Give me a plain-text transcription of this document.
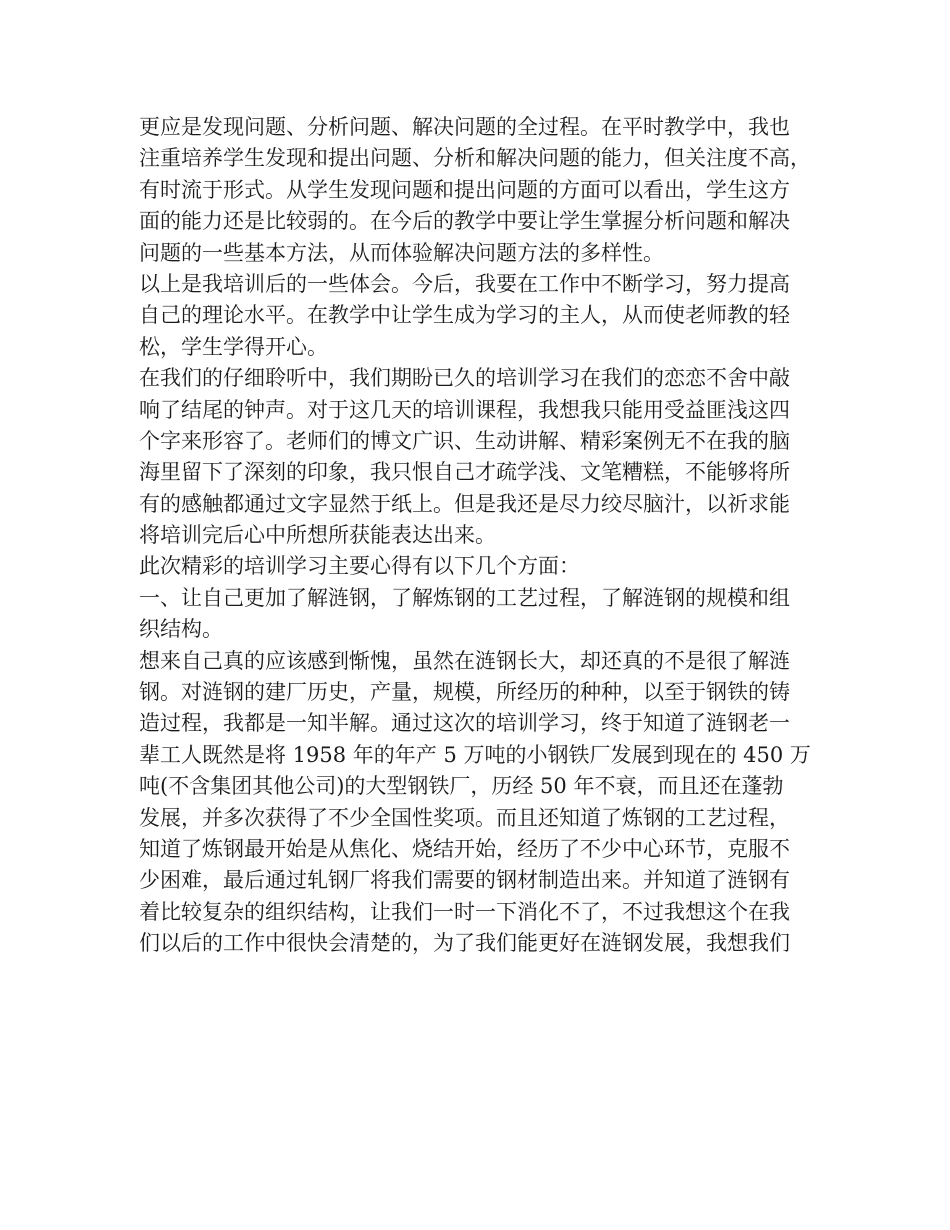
更应是发现问题、分析问题、解决问题的全过程。在平时教学中，我也
注重培养学生发现和提出问题、分析和解决问题的能力，但关注度不高，
有时流于形式。从学生发现问题和提出问题的方面可以看出，学生这方
面的能力还是比较弱的。在今后的教学中要让学生掌握分析问题和解决
问题的一些基本方法，从而体验解决问题方法的多样性。
以上是我培训后的一些体会。今后，我要在工作中不断学习，努力提高
自己的理论水平。在教学中让学生成为学习的主人，从而使老师教的轻
松，学生学得开心。
在我们的仔细聆听中，我们期盼已久的培训学习在我们的恋恋不舍中敲
响了结尾的钟声。对于这几天的培训课程，我想我只能用受益匪浅这四
个字来形容了。老师们的博文广识、生动讲解、精彩案例无不在我的脑
海里留下了深刻的印象，我只恨自己才疏学浅、文笔糟糕，不能够将所
有的感触都通过文字显然于纸上。但是我还是尽力绞尽脑汁，以祈求能
将培训完后心中所想所获能表达出来。
此次精彩的培训学习主要心得有以下几个方面：
一、让自己更加了解涟钢，了解炼钢的工艺过程，了解涟钢的规模和组
织结构。
想来自己真的应该感到惭愧，虽然在涟钢长大，却还真的不是很了解涟
钢。对涟钢的建厂历史，产量，规模，所经历的种种，以至于钢铁的铸
造过程，我都是一知半解。通过这次的培训学习，终于知道了涟钢老一
辈工人既然是将 1958 年的年产 5 万吨的小钢铁厂发展到现在的 450 万
吨(不含集团其他公司)的大型钢铁厂，历经 50 年不衰，而且还在蓬勃
发展，并多次获得了不少全国性奖项。而且还知道了炼钢的工艺过程，
知道了炼钢最开始是从焦化、烧结开始，经历了不少中心环节，克服不
少困难，最后通过轧钢厂将我们需要的钢材制造出来。并知道了涟钢有
着比较复杂的组织结构，让我们一时一下消化不了，不过我想这个在我
们以后的工作中很快会清楚的，为了我们能更好在涟钢发展，我想我们
